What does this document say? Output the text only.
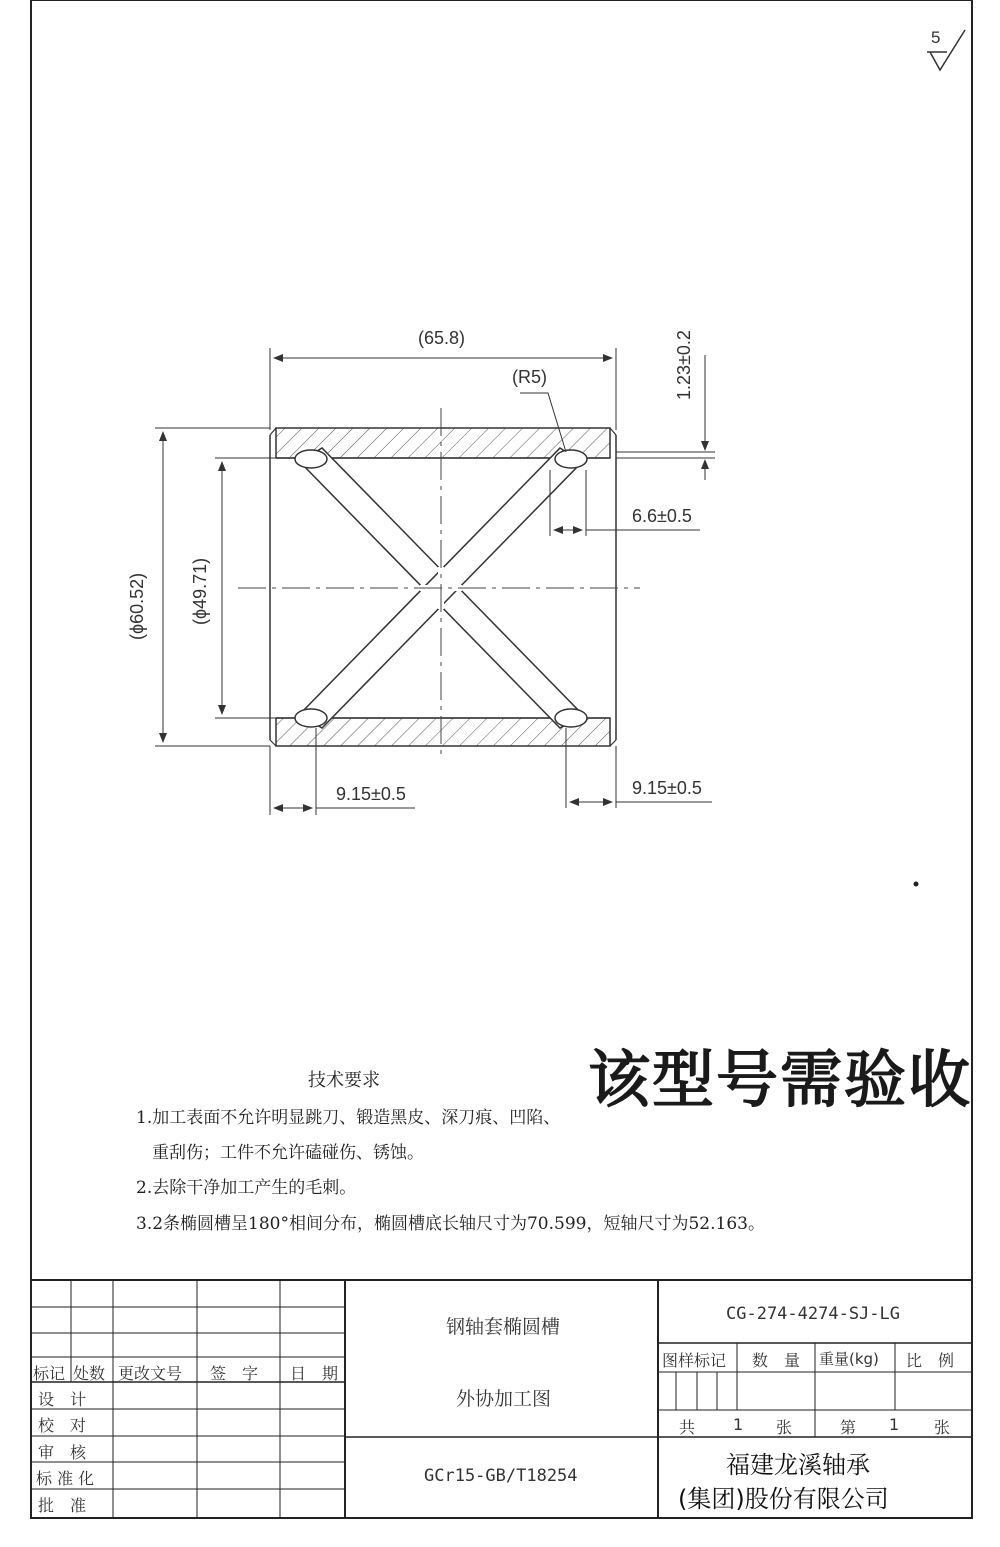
5
(65.8)
(R5)	1.23±0.2
6.6±0.5
(ϕ60.52) (ϕ49.71)
9.15±0.5	9.15±0.5
该型号需验收
技术要求
1.加工表面不允许明显跳刀、锻造黑皮、深刀痕、凹陷、
重刮伤；工件不允许磕碰伤、锈蚀。
2.去除干净加工产生的毛刺。
3.2条椭圆槽呈180°相间分布，椭圆槽底长轴尺寸为70.599，短轴尺寸为52.163。
标记 处数 更改文号 签　字 日　期
设　计
校　对
审　核
标 准 化
批　准
钢轴套椭圆槽
外协加工图
GCr15-GB/T18254
CG-274-4274-SJ-LG
图样标记 数　量 重量(kg) 比　例
共 1 张	第 1 张
福建龙溪轴承
(集团)股份有限公司
